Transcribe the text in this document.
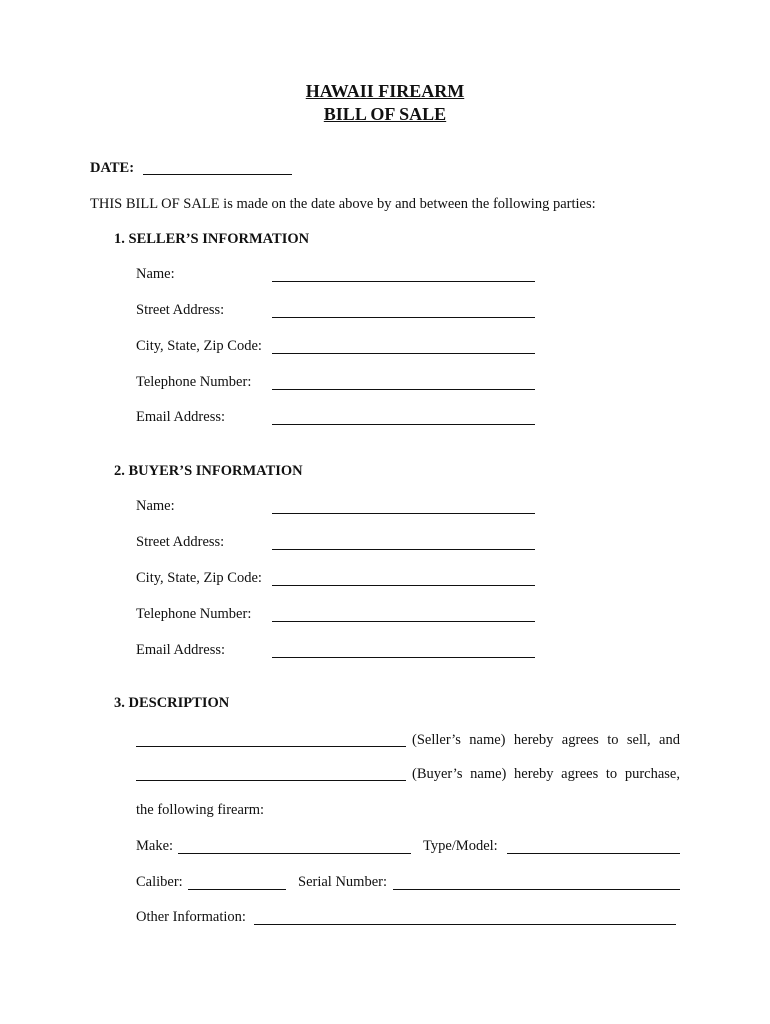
HAWAII FIREARM
BILL OF SALE
DATE:
THIS BILL OF SALE is made on the date above by and between the following parties:
1. SELLER’S INFORMATION
Name:
Street Address:
City, State, Zip Code:
Telephone Number:
Email Address:
2. BUYER’S INFORMATION
Name:
Street Address:
City, State, Zip Code:
Telephone Number:
Email Address:
3. DESCRIPTION
(Seller’s name) hereby agrees to sell, and
(Buyer’s name) hereby agrees to purchase,
the following firearm:
Make:	Type/Model:
Caliber:	Serial Number:
Other Information:
